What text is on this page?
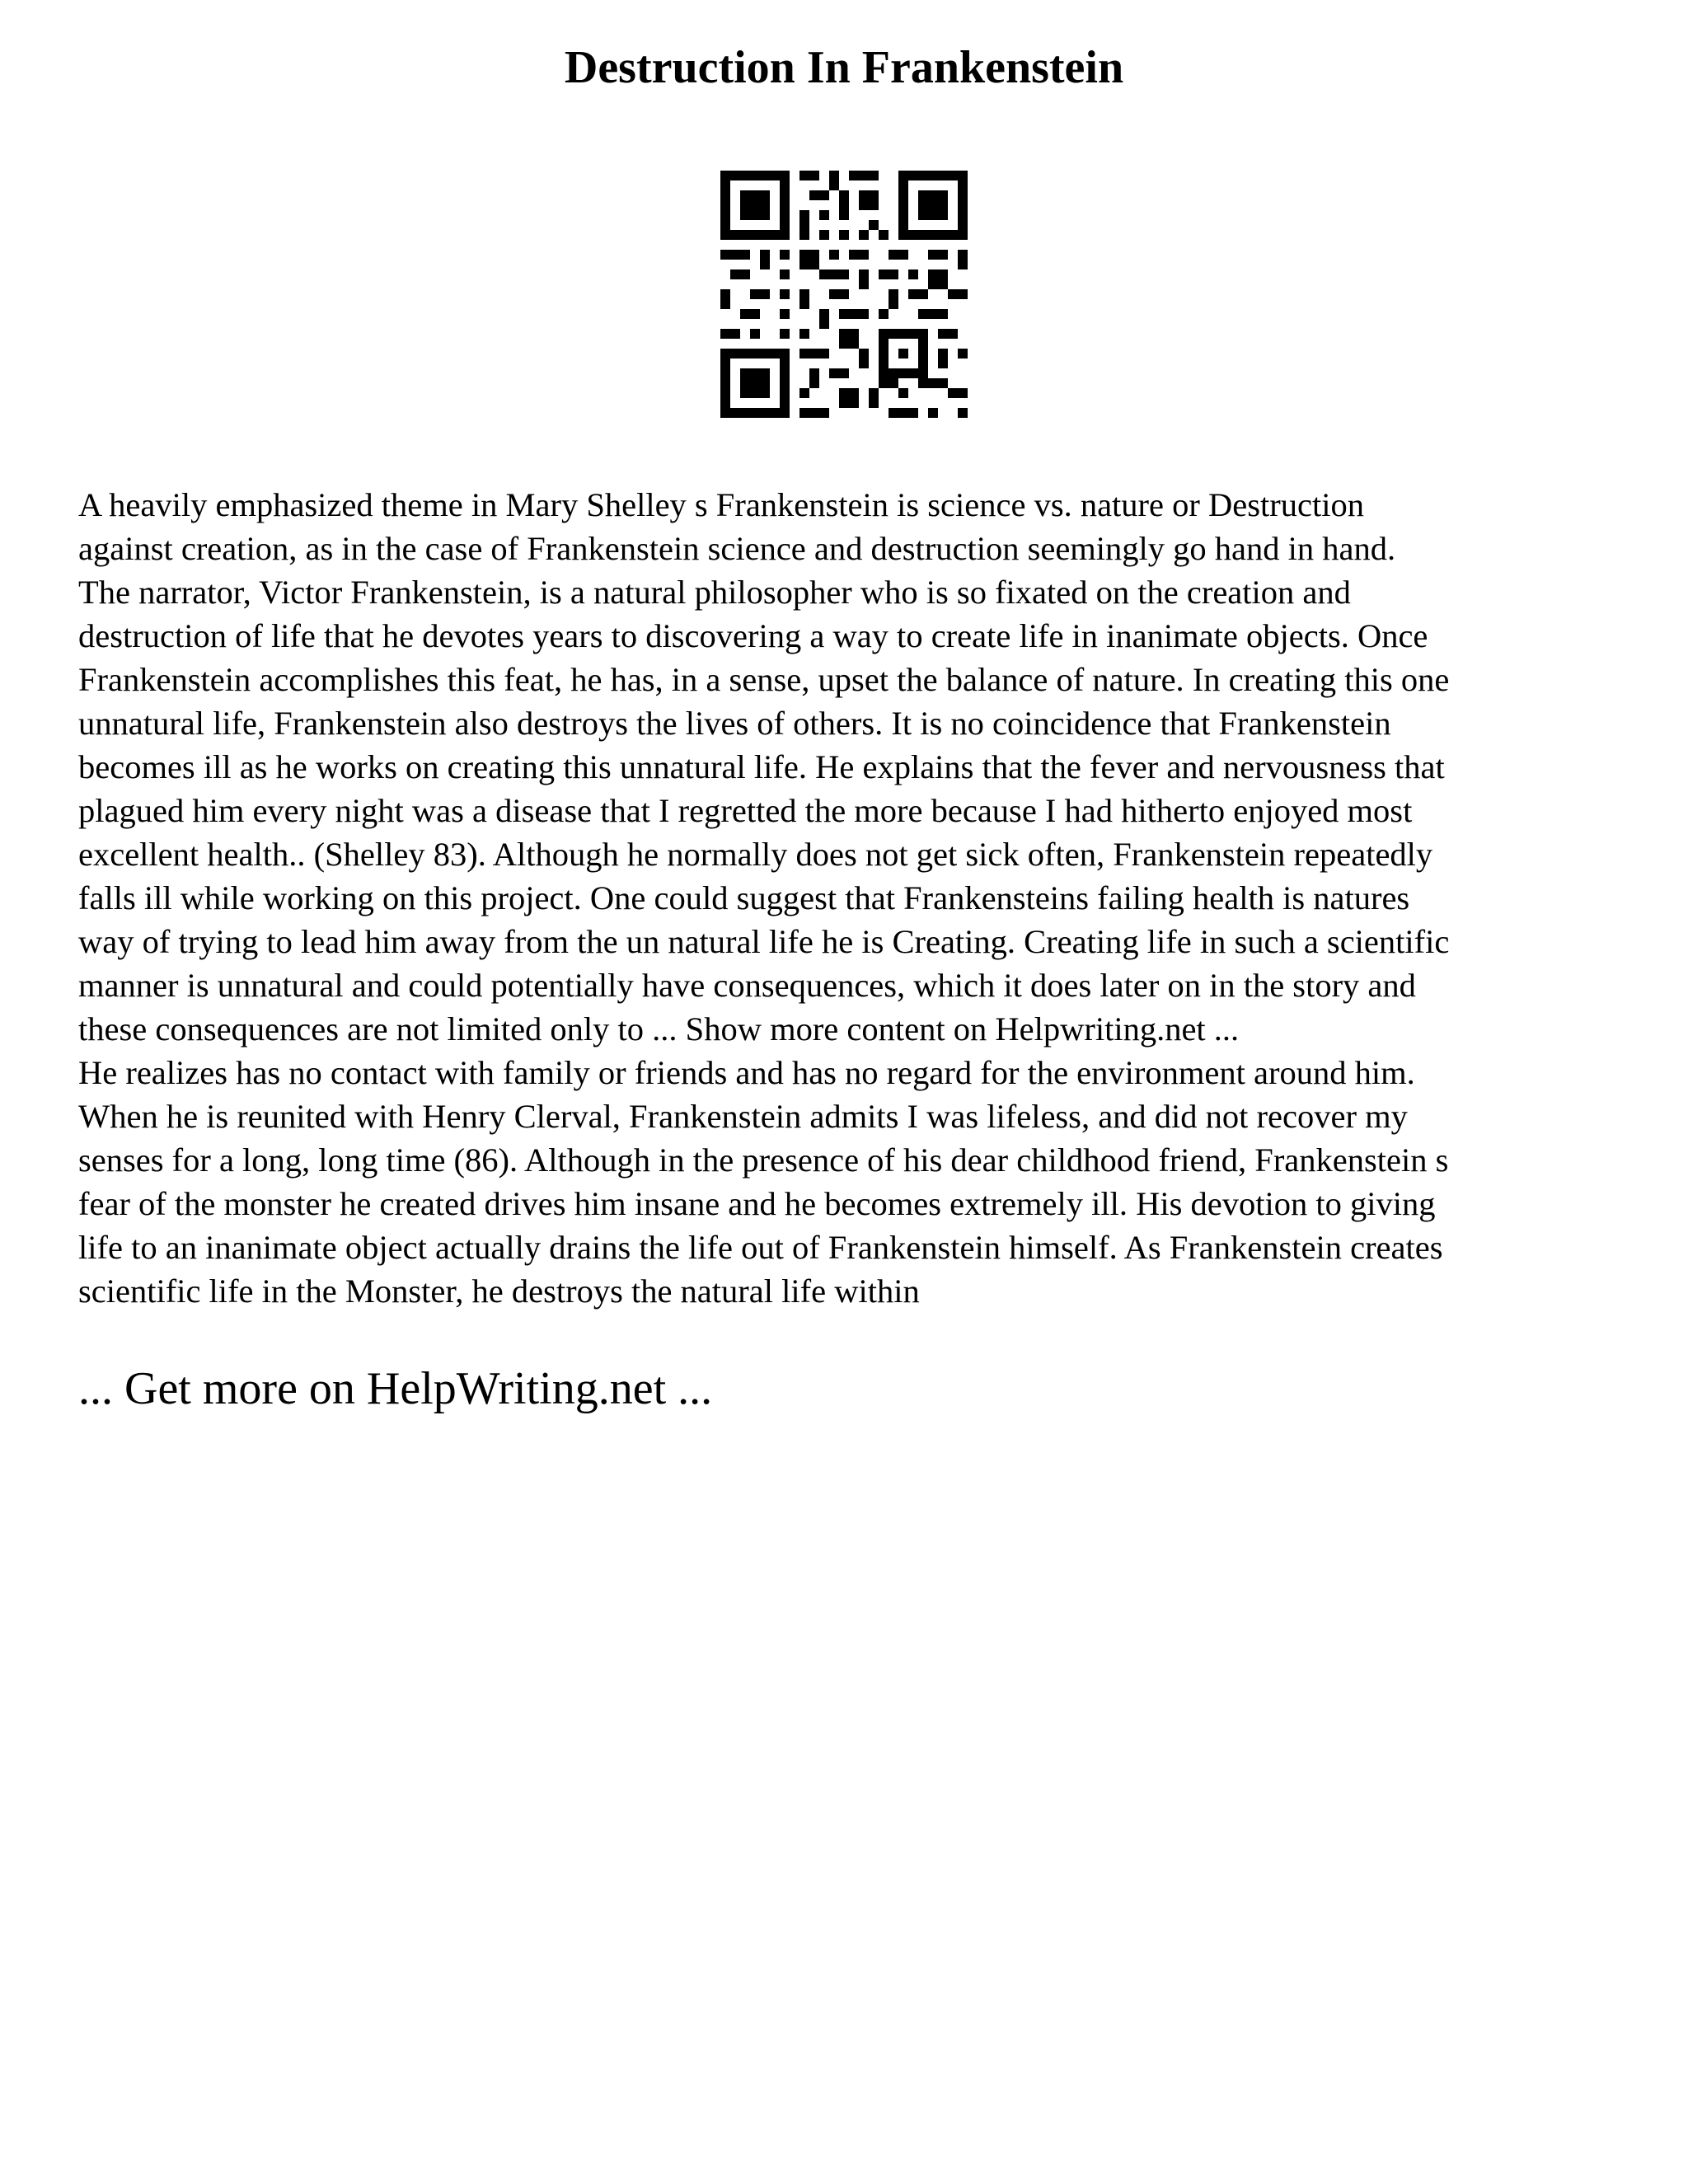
Destruction In Frankenstein

A heavily emphasized theme in Mary Shelley s Frankenstein is science vs. nature or Destruction
against creation, as in the case of Frankenstein science and destruction seemingly go hand in hand.
The narrator, Victor Frankenstein, is a natural philosopher who is so fixated on the creation and
destruction of life that he devotes years to discovering a way to create life in inanimate objects. Once
Frankenstein accomplishes this feat, he has, in a sense, upset the balance of nature. In creating this one
unnatural life, Frankenstein also destroys the lives of others. It is no coincidence that Frankenstein
becomes ill as he works on creating this unnatural life. He explains that the fever and nervousness that
plagued him every night was a disease that I regretted the more because I had hitherto enjoyed most
excellent health.. (Shelley 83). Although he normally does not get sick often, Frankenstein repeatedly
falls ill while working on this project. One could suggest that Frankensteins failing health is natures
way of trying to lead him away from the un natural life he is Creating. Creating life in such a scientific
manner is unnatural and could potentially have consequences, which it does later on in the story and
these consequences are not limited only to ... Show more content on Helpwriting.net ...
He realizes has no contact with family or friends and has no regard for the environment around him.
When he is reunited with Henry Clerval, Frankenstein admits I was lifeless, and did not recover my
senses for a long, long time (86). Although in the presence of his dear childhood friend, Frankenstein s
fear of the monster he created drives him insane and he becomes extremely ill. His devotion to giving
life to an inanimate object actually drains the life out of Frankenstein himself. As Frankenstein creates
scientific life in the Monster, he destroys the natural life within

... Get more on HelpWriting.net ...
